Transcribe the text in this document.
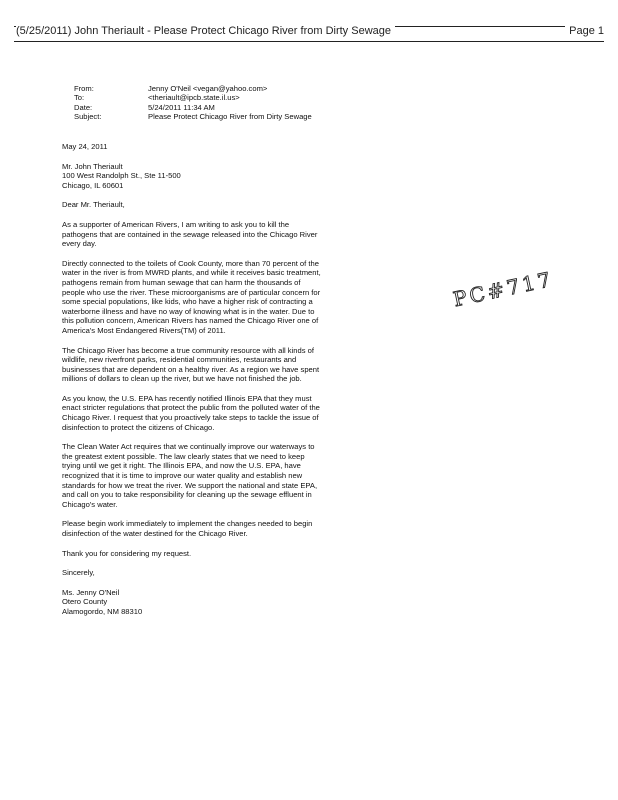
(5/25/2011) John Theriault - Please Protect Chicago River from Dirty Sewage	Page 1
From:	Jenny O'Neil <vegan@yahoo.com>
To:	<theriault@ipcb.state.il.us>
Date:	5/24/2011 11:34 AM
Subject:	Please Protect Chicago River from Dirty Sewage

May 24, 2011

Mr. John Theriault

100 West Randolph St., Ste 11-500

Chicago, IL 60601

Dear Mr. Theriault,

As a supporter of American Rivers, I am writing to ask you to kill the pathogens that are contained in the sewage released into the Chicago River every day.

Directly connected to the toilets of Cook County, more than 70 percent of the water in the river is from MWRD plants, and while it receives basic treatment, pathogens remain from human sewage that can harm the thousands of people who use the river. These microorganisms are of particular concern for some special populations, like kids, who have a higher risk of contracting a waterborne illness and have no way of knowing what is in the water. Due to this pollution concern, American Rivers has named the Chicago River one of America's Most Endangered Rivers(TM) of 2011.

The Chicago River has become a true community resource with all kinds of wildlife, new riverfront parks, residential communities, restaurants and businesses that are dependent on a healthy river. As a region we have spent millions of dollars to clean up the river, but we have not finished the job.

As you know, the U.S. EPA has recently notified Illinois EPA that they must enact stricter regulations that protect the public from the polluted water of the Chicago River. I request that you proactively take steps to tackle the issue of disinfection to protect the citizens of Chicago.

The Clean Water Act requires that we continually improve our waterways to the greatest extent possible. The law clearly states that we need to keep trying until we get it right. The Illinois EPA, and now the U.S. EPA, have recognized that it is time to improve our water quality and establish new standards for how we treat the river. We support the national and state EPA, and call on you to take responsibility for cleaning up the sewage effluent in Chicago's water.

Please begin work immediately to implement the changes needed to begin disinfection of the water destined for the Chicago River.

Thank you for considering my request.

Sincerely,

Ms. Jenny O'Neil

Otero County

Alamogordo, NM 88310

PC#717
